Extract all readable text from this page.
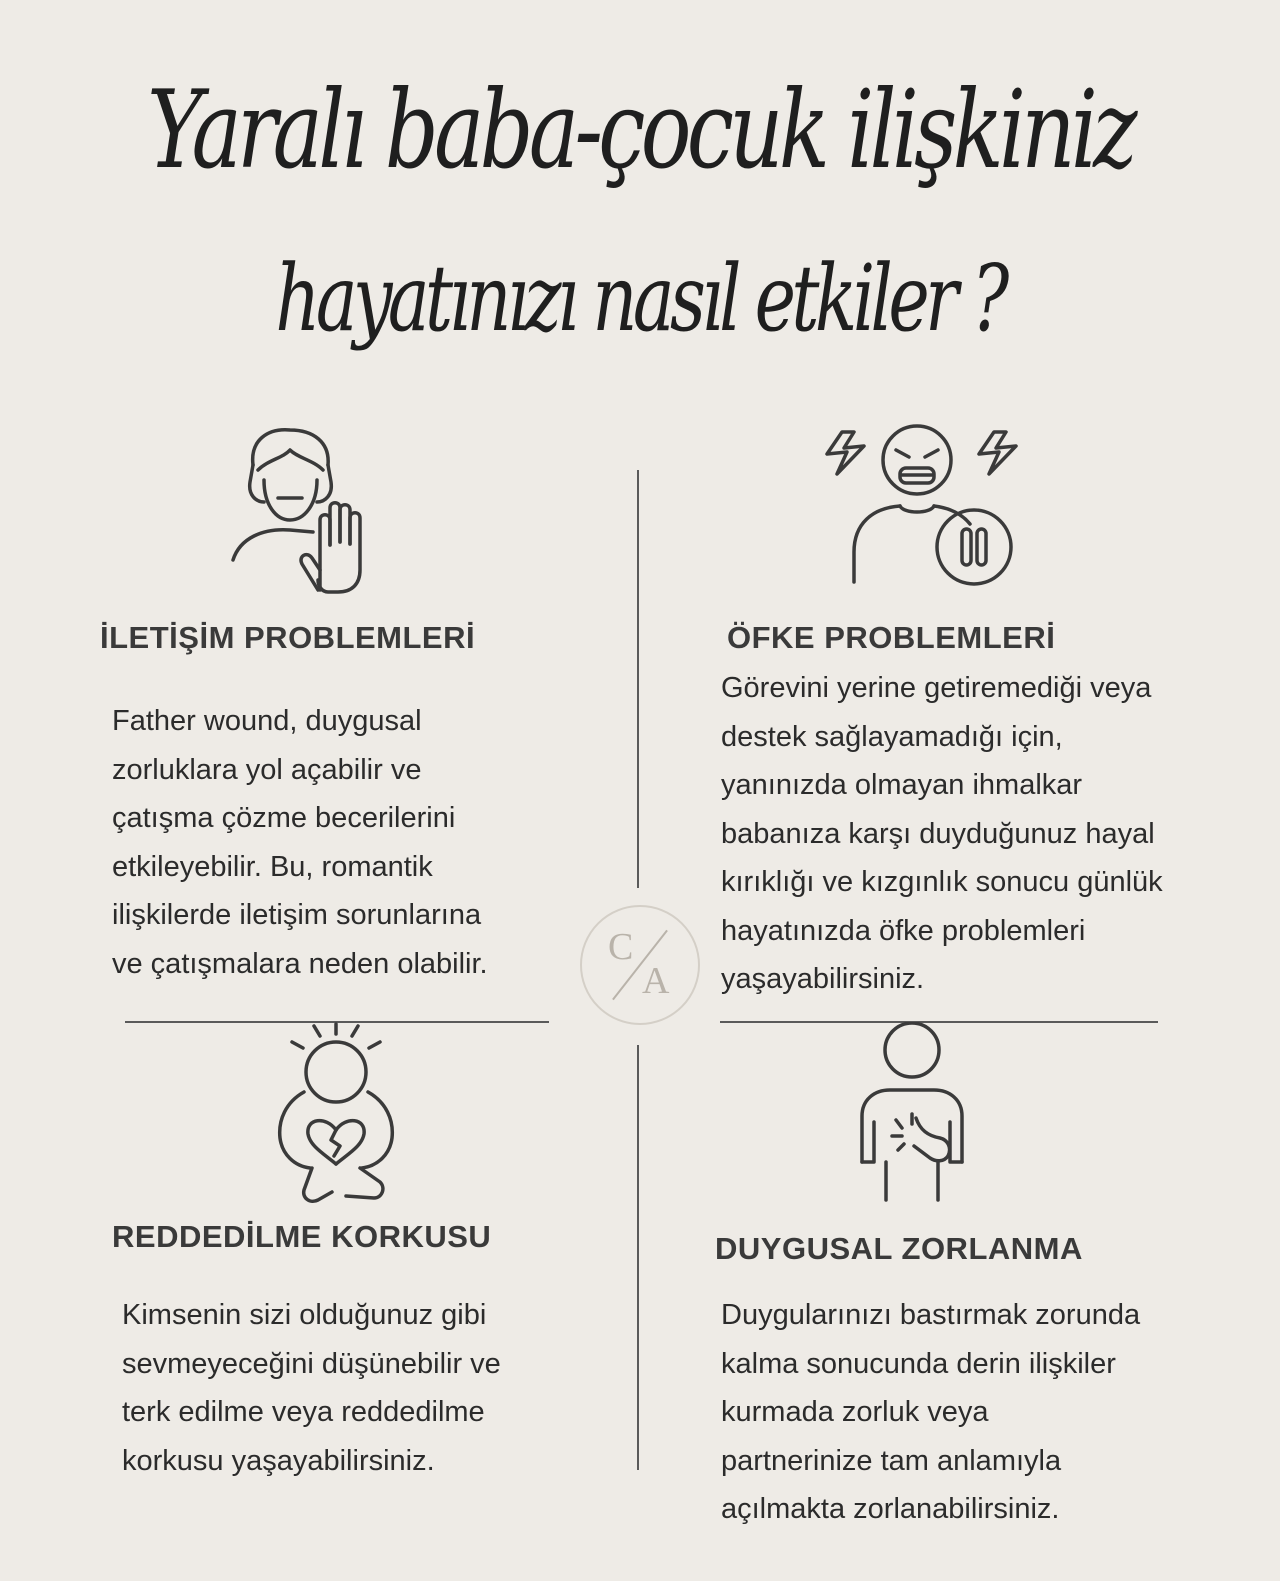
Yaralı baba-çocuk ilişkiniz
hayatınızı nasıl etkiler ?
C
A
İLETİŞİM PROBLEMLERİ	ÖFKE PROBLEMLERİ
REDDEDİLME KORKUSU	DUYGUSAL ZORLANMA
Father wound, duygusal
zorluklara yol açabilir ve
çatışma çözme becerilerini
etkileyebilir. Bu, romantik
ilişkilerde iletişim sorunlarına
ve çatışmalara neden olabilir.
Görevini yerine getiremediği veya
destek sağlayamadığı için,
yanınızda olmayan ihmalkar
babanıza karşı duyduğunuz hayal
kırıklığı ve kızgınlık sonucu günlük
hayatınızda öfke problemleri
yaşayabilirsiniz.
Kimsenin sizi olduğunuz gibi
sevmeyeceğini düşünebilir ve
terk edilme veya reddedilme
korkusu yaşayabilirsiniz.
Duygularınızı bastırmak zorunda
kalma sonucunda derin ilişkiler
kurmada zorluk veya
partnerinize tam anlamıyla
açılmakta zorlanabilirsiniz.
